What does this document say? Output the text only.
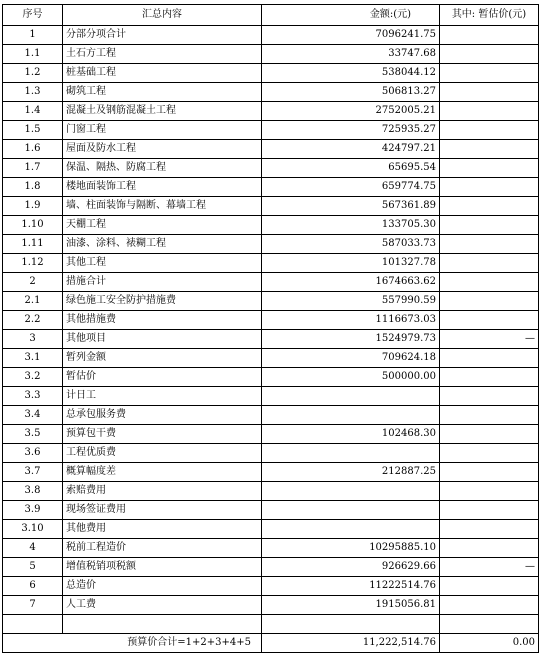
序号	汇总内容	金额:(元)	其中: 暂估价(元)
1	分部分项合计	7096241.75	
1.1	土石方工程	33747.68	
1.2	桩基础工程	538044.12	
1.3	砌筑工程	506813.27	
1.4	混凝土及钢筋混凝土工程	2752005.21	
1.5	门窗工程	725935.27	
1.6	屋面及防水工程	424797.21	
1.7	保温、隔热、防腐工程	65695.54	
1.8	楼地面装饰工程	659774.75	
1.9	墙、柱面装饰与隔断、幕墙工程	567361.89	
1.10	天棚工程	133705.30	
1.11	油漆、涂料、裱糊工程	587033.73	
1.12	其他工程	101327.78	
2	措施合计	1674663.62	
2.1	绿色施工安全防护措施费	557990.59	
2.2	其他措施费	1116673.03	
3	其他项目	1524979.73	—
3.1	暂列金额	709624.18	
3.2	暂估价	500000.00	
3.3	计日工		
3.4	总承包服务费		
3.5	预算包干费	102468.30	
3.6	工程优质费		
3.7	概算幅度差	212887.25	
3.8	索赔费用		
3.9	现场签证费用		
3.10	其他费用		
4	税前工程造价	10295885.10	
5	增值税销项税额	926629.66	—
6	总造价	11222514.76	
7	人工费	1915056.81	

预算价合计=1+2+3+4+5		11,222,514.76	0.00
